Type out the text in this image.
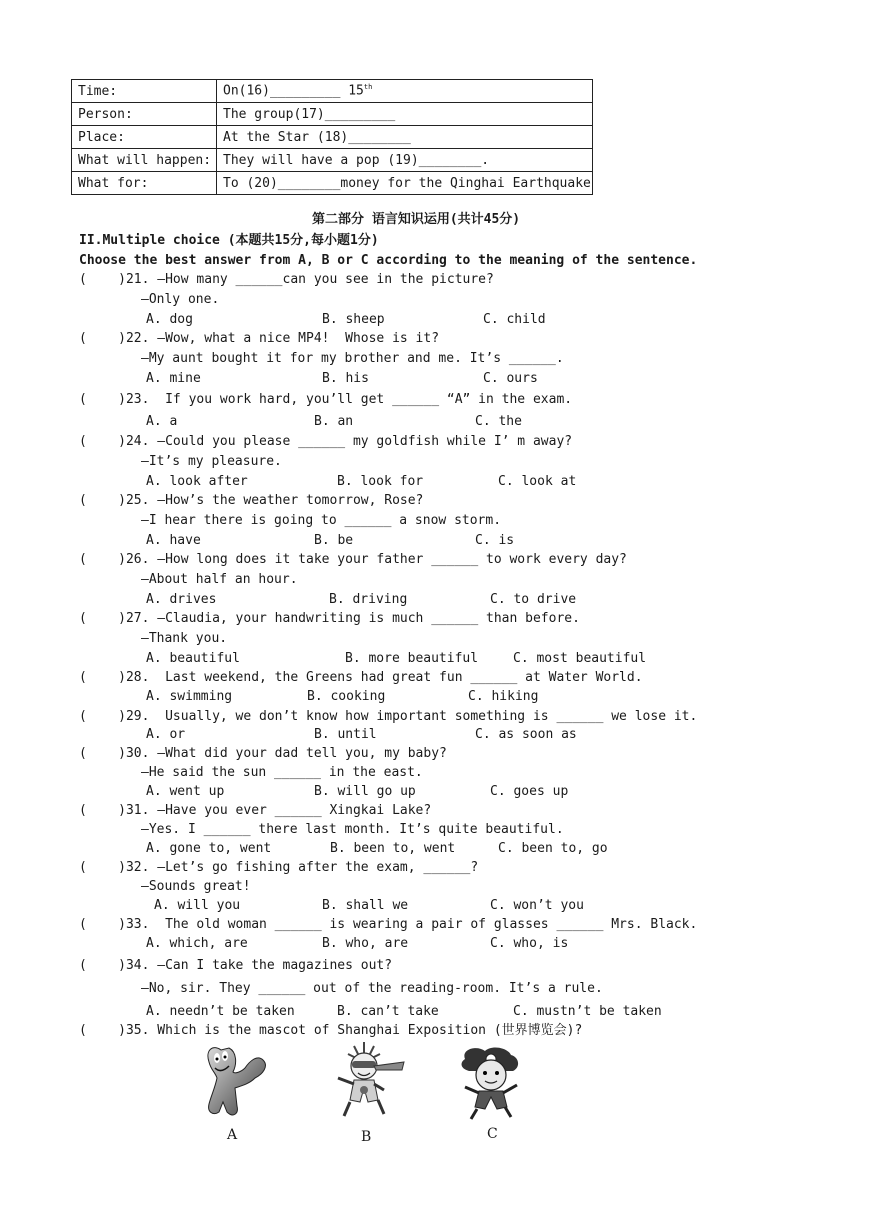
Time:	On(16)_________ 15th
Person:	The group(17)_________
Place:	At the Star (18)________
What will happen:	They will have a pop (19)________.
What for:	To (20)________money for the Qinghai Earthquake
第二部分 语言知识运用(共计45分)
II.Multiple choice (本题共15分,每小题1分)
Choose the best answer from A, B or C according to the meaning of the sentence.
(    )21. —How many ______can you see in the picture?
—Only one.
A. dog	B. sheep	C. child
(    )22. —Wow, what a nice MP4!  Whose is it?
—My aunt bought it for my brother and me. It’s ______.
A. mine	B. his	C. ours
(    )23.  If you work hard, you’ll get ______ “A” in the exam.
A. a	B. an	C. the
(    )24. —Could you please ______ my goldfish while I’ m away?
—It’s my pleasure.
A. look after	B. look for	C. look at
(    )25. —How’s the weather tomorrow, Rose?
—I hear there is going to ______ a snow storm.
A. have	B. be	C. is
(    )26. —How long does it take your father ______ to work every day?
—About half an hour.
A. drives	B. driving	C. to drive
(    )27. —Claudia, your handwriting is much ______ than before.
—Thank you.
A. beautiful	B. more beautiful	C. most beautiful
(    )28.  Last weekend, the Greens had great fun ______ at Water World.
A. swimming	B. cooking	C. hiking
(    )29.  Usually, we don’t know how important something is ______ we lose it.
A. or	B. until	C. as soon as
(    )30. —What did your dad tell you, my baby?
—He said the sun ______ in the east.
A. went up	B. will go up	C. goes up
(    )31. —Have you ever ______ Xingkai Lake?
—Yes. I ______ there last month. It’s quite beautiful.
A. gone to, went	B. been to, went	C. been to, go
(    )32. —Let’s go fishing after the exam, ______?
—Sounds great!
A. will you	B. shall we	C. won’t you
(    )33.  The old woman ______ is wearing a pair of glasses ______ Mrs. Black.
A. which, are	B. who, are	C. who, is
(    )34. —Can I take the magazines out?
—No, sir. They ______ out of the reading-room. It’s a rule.
A. needn’t be taken	B. can’t take	C. mustn’t be taken
(    )35. Which is the mascot of Shanghai Exposition (世界博览会)?
A	B	C
